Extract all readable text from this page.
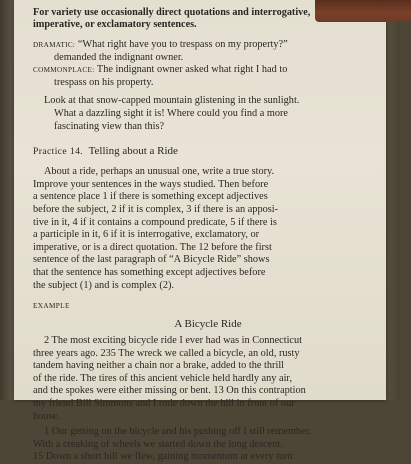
For variety use occasionally direct quotations and interrogative,

imperative, or exclamatory sentences.

DRAMATIC: “What right have you to trespass on my property?”

demanded the indignant owner.

COMMONPLACE: The indignant owner asked what right I had to

trespass on his property.

Look at that snow-capped mountain glistening in the sunlight.

What a dazzling sight it is! Where could you find a more

fascinating view than this?

Practice 14. Telling about a Ride

About a ride, perhaps an unusual one, write a true story.

Improve your sentences in the ways studied. Then before

a sentence place 1 if there is something except adjectives

before the subject, 2 if it is complex, 3 if there is an apposi-

tive in it, 4 if it contains a compound predicate, 5 if there is

a participle in it, 6 if it is interrogative, exclamatory, or

imperative, or is a direct quotation. The 12 before the first

sentence of the last paragraph of “A Bicycle Ride” shows

that the sentence has something except adjectives before

the subject (1) and is complex (2).

EXAMPLE

A Bicycle Ride

2 The most exciting bicycle ride I ever had was in Connecticut

three years ago. 235 The wreck we called a bicycle, an old, rusty

tandem having neither a chain nor a brake, added to the thrill

of the ride. The tires of this ancient vehicle held hardly any air,

and the spokes were either missing or bent. 13 On this contraption

my friend Bill Simmons and I rode down the hill in front of our

house.

1 Our getting on the bicycle and his pushing off I still remember.

With a creaking of wheels we started down the long descent.

15 Down a short hill we flew, gaining momentum at every turn
